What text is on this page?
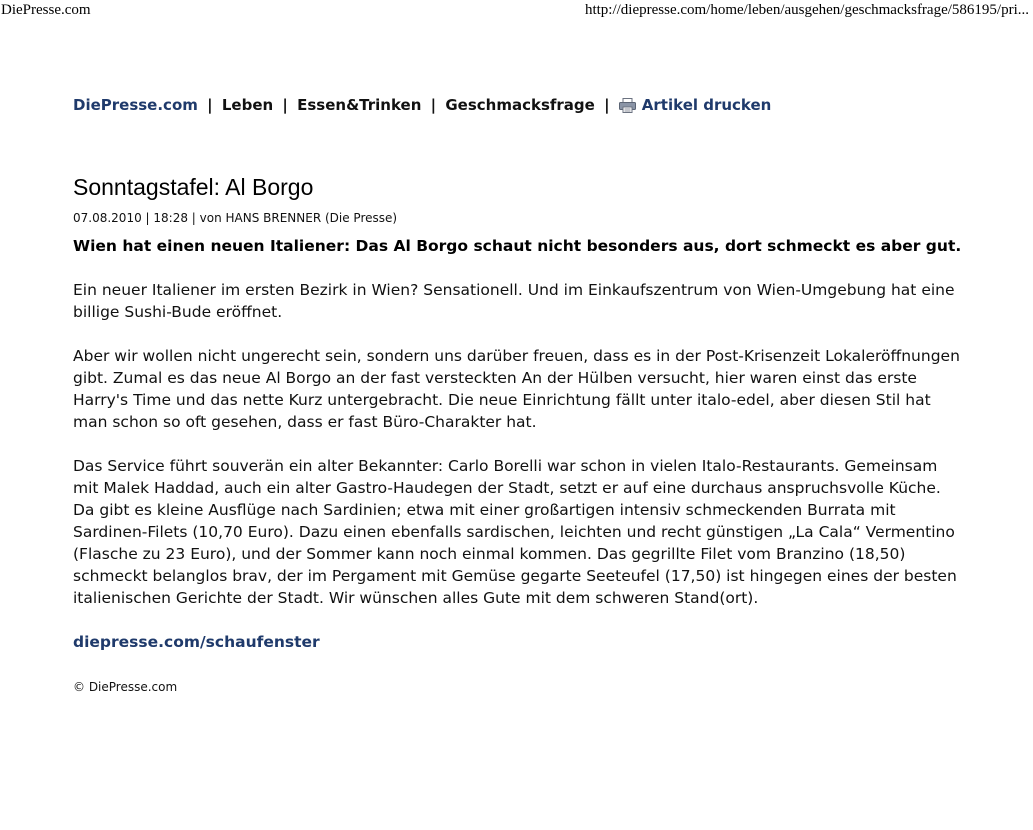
DiePresse.com	http://diepresse.com/home/leben/ausgehen/geschmacksfrage/586195/pri...
DiePresse.com | Leben | Essen&Trinken | Geschmacksfrage | Artikel drucken
Sonntagstafel: Al Borgo
07.08.2010 | 18:28 | von HANS BRENNER (Die Presse)
Wien hat einen neuen Italiener: Das Al Borgo schaut nicht besonders aus, dort schmeckt es aber gut.
Ein neuer Italiener im ersten Bezirk in Wien? Sensationell. Und im Einkaufszentrum von Wien-Umgebung hat eine billige Sushi-Bude eröffnet.
Aber wir wollen nicht ungerecht sein, sondern uns darüber freuen, dass es in der Post-Krisenzeit Lokaleröffnungen gibt. Zumal es das neue Al Borgo an der fast versteckten An der Hülben versucht, hier waren einst das erste Harry's Time und das nette Kurz untergebracht. Die neue Einrichtung fällt unter italo-edel, aber diesen Stil hat man schon so oft gesehen, dass er fast Büro-Charakter hat.
Das Service führt souverän ein alter Bekannter: Carlo Borelli war schon in vielen Italo-Restaurants. Gemeinsam mit Malek Haddad, auch ein alter Gastro-Haudegen der Stadt, setzt er auf eine durchaus anspruchsvolle Küche. Da gibt es kleine Ausflüge nach Sardinien; etwa mit einer großartigen intensiv schmeckenden Burrata mit Sardinen-Filets (10,70 Euro). Dazu einen ebenfalls sardischen, leichten und recht günstigen „La Cala“ Vermentino (Flasche zu 23 Euro), und der Sommer kann noch einmal kommen. Das gegrillte Filet vom Branzino (18,50) schmeckt belanglos brav, der im Pergament mit Gemüse gegarte Seeteufel (17,50) ist hingegen eines der besten italienischen Gerichte der Stadt. Wir wünschen alles Gute mit dem schweren Stand(ort).
diepresse.com/schaufenster
© DiePresse.com
